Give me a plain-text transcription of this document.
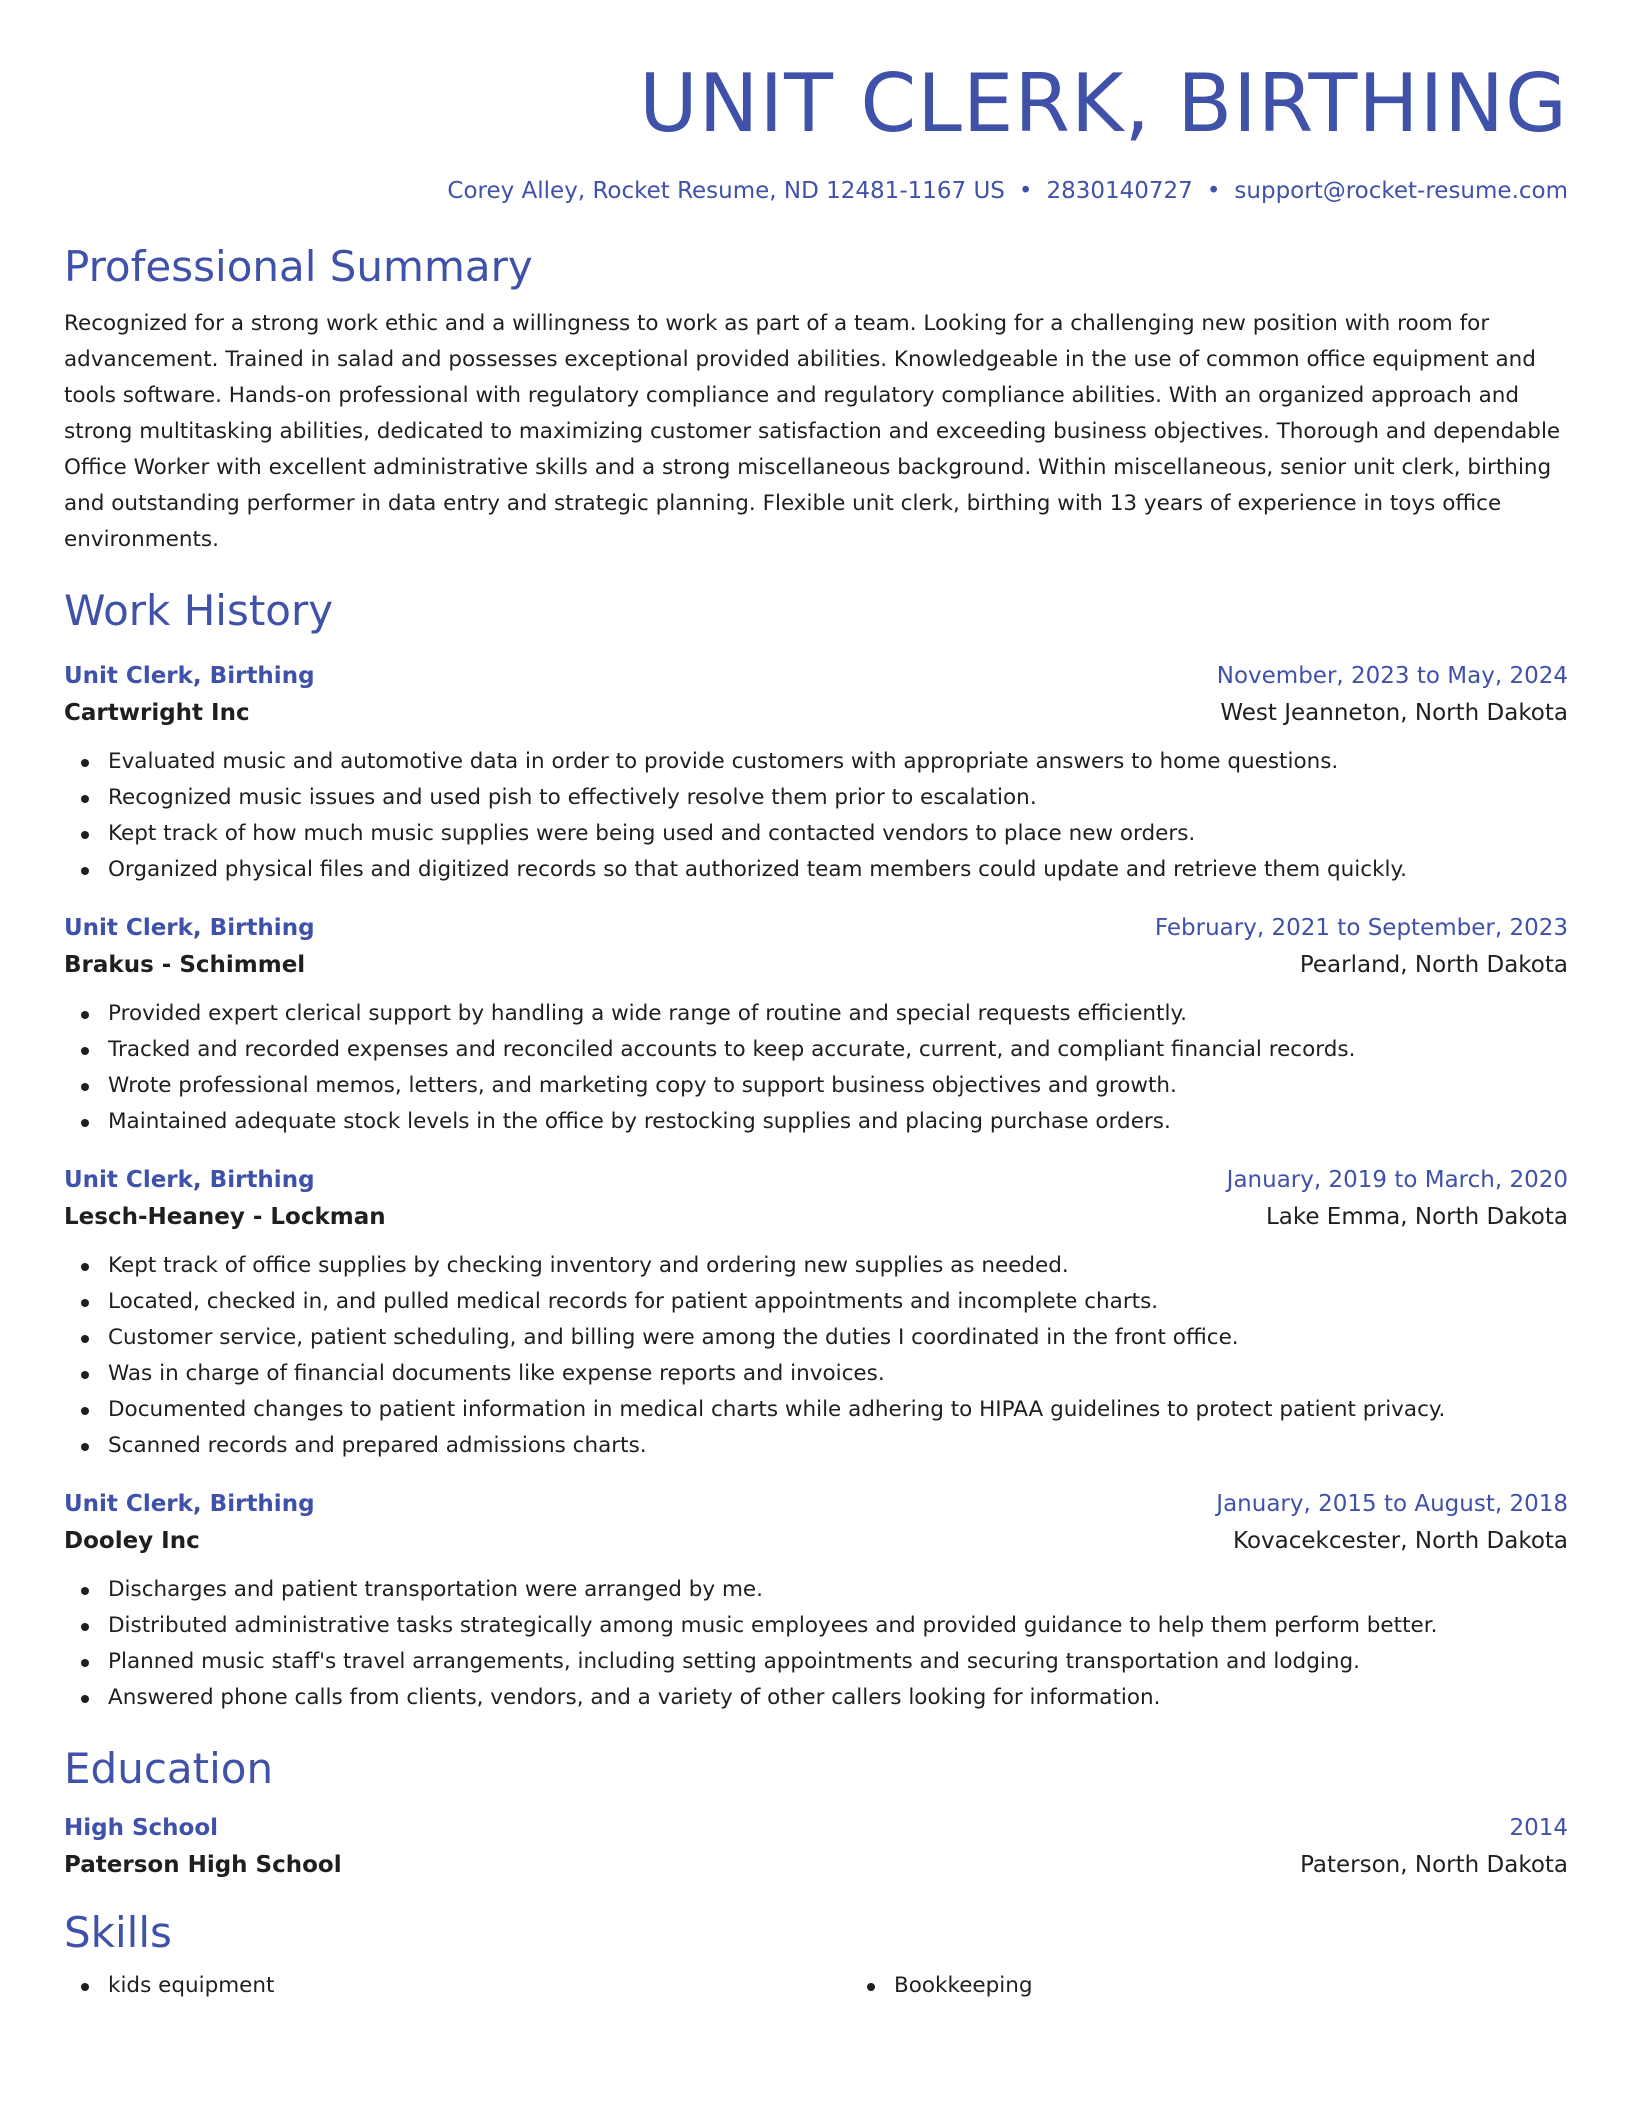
UNIT CLERK, BIRTHING
Corey Alley, Rocket Resume, ND 12481-1167 US • 2830140727 • support@rocket-resume.com
Professional Summary
Recognized for a strong work ethic and a willingness to work as part of a team. Looking for a challenging new position with room for advancement. Trained in salad and possesses exceptional provided abilities. Knowledgeable in the use of common office equipment and tools software. Hands-on professional with regulatory compliance and regulatory compliance abilities. With an organized approach and strong multitasking abilities, dedicated to maximizing customer satisfaction and exceeding business objectives. Thorough and dependable Office Worker with excellent administrative skills and a strong miscellaneous background. Within miscellaneous, senior unit clerk, birthing and outstanding performer in data entry and strategic planning. Flexible unit clerk, birthing with 13 years of experience in toys office environments.
Work History
Unit Clerk, Birthing	November, 2023 to May, 2024
Cartwright Inc	West Jeanneton, North Dakota
Evaluated music and automotive data in order to provide customers with appropriate answers to home questions.
Recognized music issues and used pish to effectively resolve them prior to escalation.
Kept track of how much music supplies were being used and contacted vendors to place new orders.
Organized physical files and digitized records so that authorized team members could update and retrieve them quickly.
Unit Clerk, Birthing	February, 2021 to September, 2023
Brakus - Schimmel	Pearland, North Dakota
Provided expert clerical support by handling a wide range of routine and special requests efficiently.
Tracked and recorded expenses and reconciled accounts to keep accurate, current, and compliant financial records.
Wrote professional memos, letters, and marketing copy to support business objectives and growth.
Maintained adequate stock levels in the office by restocking supplies and placing purchase orders.
Unit Clerk, Birthing	January, 2019 to March, 2020
Lesch-Heaney - Lockman	Lake Emma, North Dakota
Kept track of office supplies by checking inventory and ordering new supplies as needed.
Located, checked in, and pulled medical records for patient appointments and incomplete charts.
Customer service, patient scheduling, and billing were among the duties I coordinated in the front office.
Was in charge of financial documents like expense reports and invoices.
Documented changes to patient information in medical charts while adhering to HIPAA guidelines to protect patient privacy.
Scanned records and prepared admissions charts.
Unit Clerk, Birthing	January, 2015 to August, 2018
Dooley Inc	Kovacekcester, North Dakota
Discharges and patient transportation were arranged by me.
Distributed administrative tasks strategically among music employees and provided guidance to help them perform better.
Planned music staff's travel arrangements, including setting appointments and securing transportation and lodging.
Answered phone calls from clients, vendors, and a variety of other callers looking for information.
Education
High School	2014
Paterson High School	Paterson, North Dakota
Skills
kids equipment	Bookkeeping
